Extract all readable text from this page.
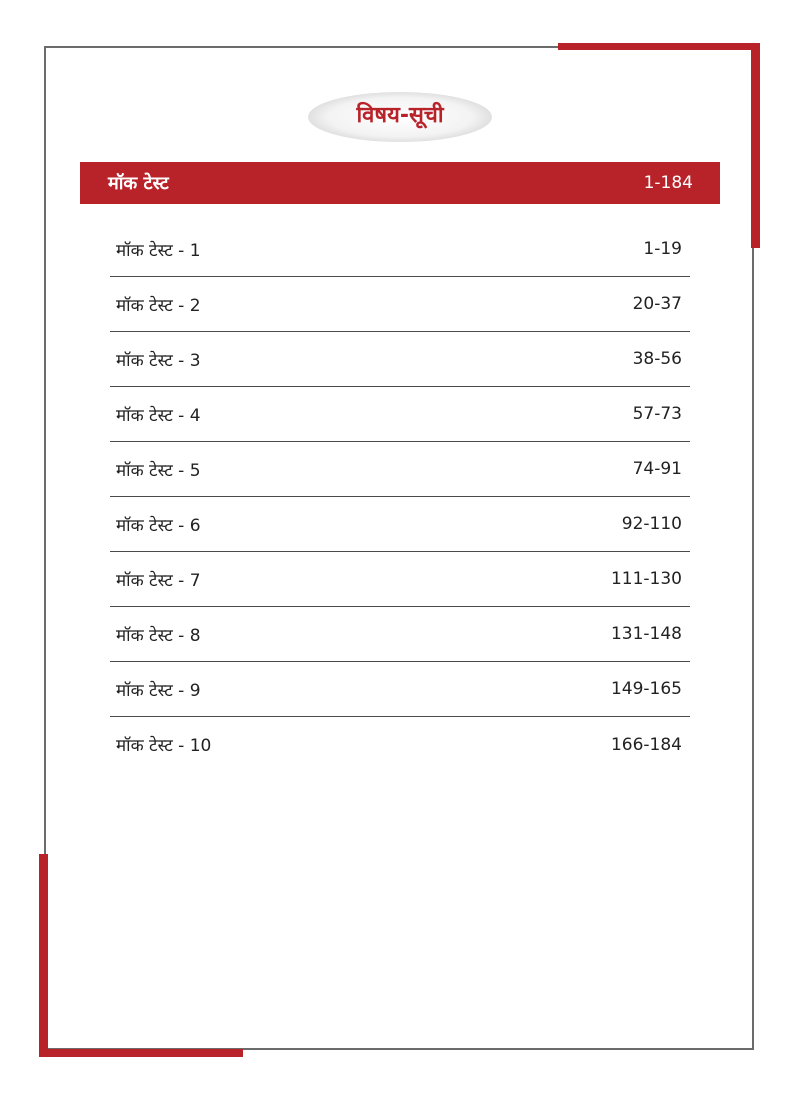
विषय-सूची
मॉक टेस्ट	1-184
मॉक टेस्ट - 1	1-19
मॉक टेस्ट - 2	20-37
मॉक टेस्ट - 3	38-56
मॉक टेस्ट - 4	57-73
मॉक टेस्ट - 5	74-91
मॉक टेस्ट - 6	92-110
मॉक टेस्ट - 7	111-130
मॉक टेस्ट - 8	131-148
मॉक टेस्ट - 9	149-165
मॉक टेस्ट - 10	166-184
